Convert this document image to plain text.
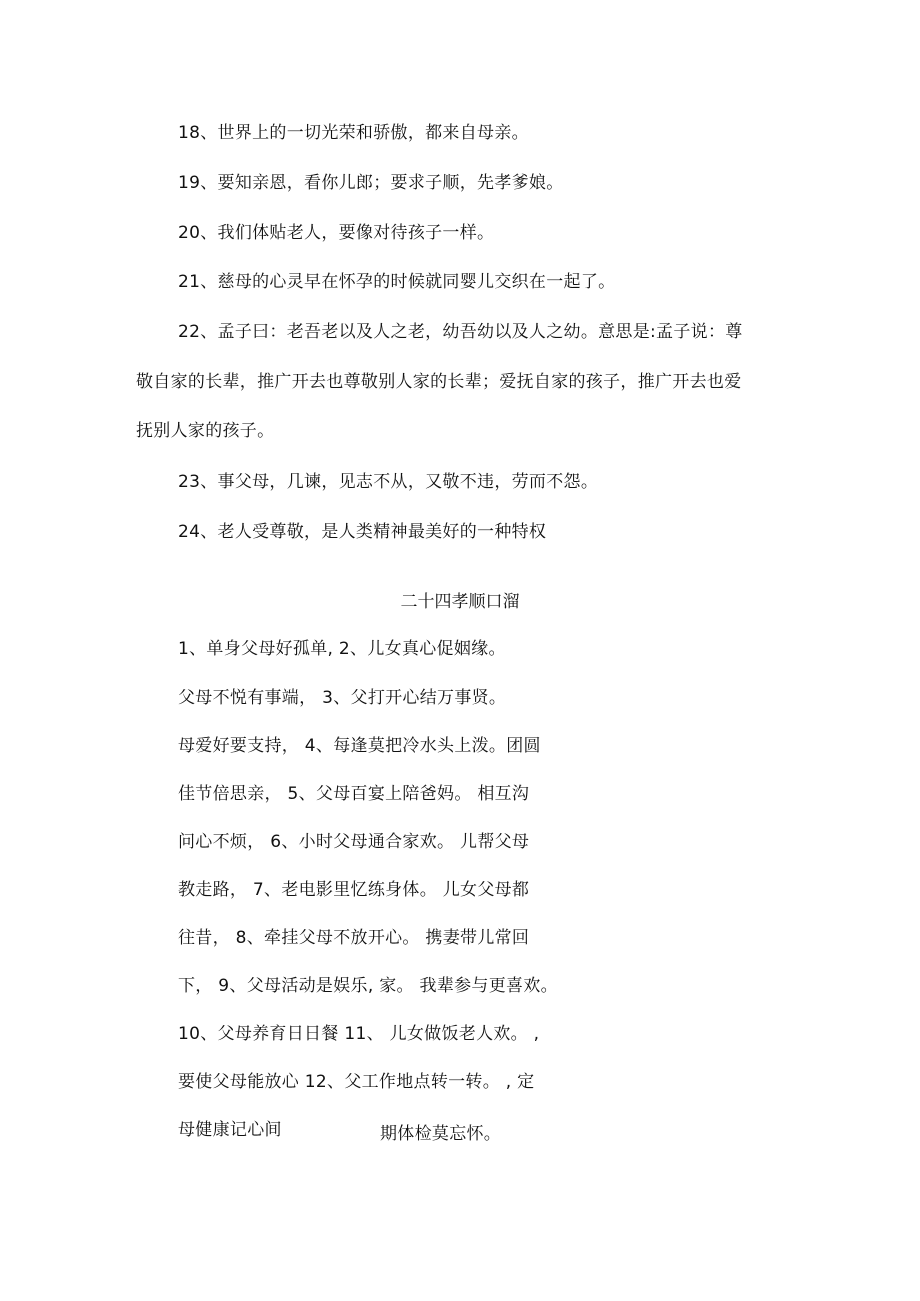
18、世界上的一切光荣和骄傲，都来自母亲。
19、要知亲恩，看你儿郎；要求子顺，先孝爹娘。
20、我们体贴老人，要像对待孩子一样。
21、慈母的心灵早在怀孕的时候就同婴儿交织在一起了。
22、孟子曰：老吾老以及人之老，幼吾幼以及人之幼。意思是:孟子说：尊
敬自家的长辈，推广开去也尊敬别人家的长辈；爱抚自家的孩子，推广开去也爱
抚别人家的孩子。
23、事父母，几谏，见志不从，又敬不违，劳而不怨。
24、老人受尊敬，是人类精神最美好的一种特权
二十四孝顺口溜
1、单身父母好孤单, 2、儿女真心促姻缘。
父母不悦有事端， 3、父打开心结万事贤。
母爱好要支持， 4、每逢莫把冷水头上泼。团圆
佳节倍思亲， 5、父母百宴上陪爸妈。 相互沟
问心不烦， 6、小时父母通合家欢。 儿帮父母
教走路， 7、老电影里忆练身体。 儿女父母都
往昔， 8、牵挂父母不放开心。 携妻带儿常回
下， 9、父母活动是娱乐, 家。 我辈参与更喜欢。
10、父母养育日日餐 11、 儿女做饭老人欢。 ,
要使父母能放心 12、父工作地点转一转。 , 定
母健康记心间	期体检莫忘怀。
